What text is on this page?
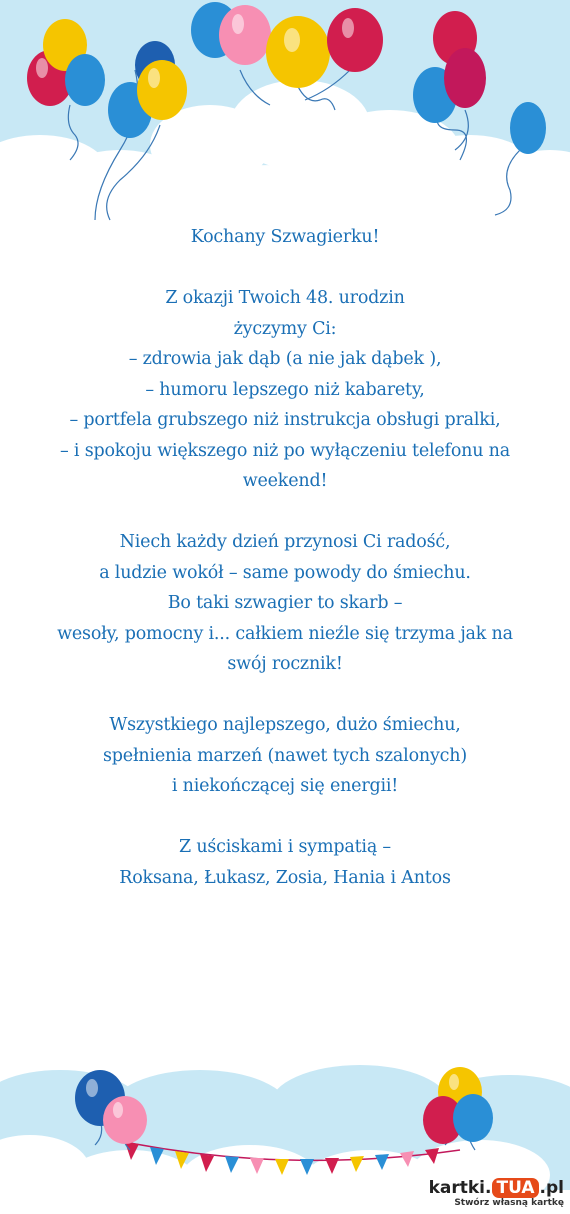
Kochany Szwagierku!
Z okazji Twoich 48. urodzin
życzymy Ci:
– zdrowia jak dąb (a nie jak dąbek ),
– humoru lepszego niż kabarety,
– portfela grubszego niż instrukcja obsługi pralki,
– i spokoju większego niż po wyłączeniu telefonu na
weekend!
Niech każdy dzień przynosi Ci radość,
a ludzie wokół – same powody do śmiechu.
Bo taki szwagier to skarb –
wesoły, pomocny i... całkiem nieźle się trzyma jak na
swój rocznik!
Wszystkiego najlepszego, dużo śmiechu,
spełnienia marzeń (nawet tych szalonych)
i niekończącej się energii!
Z uściskami i sympatią –
Roksana, Łukasz, Zosia, Hania i Antos
kartki. TUA .pl
Stwórz własną kartkę
